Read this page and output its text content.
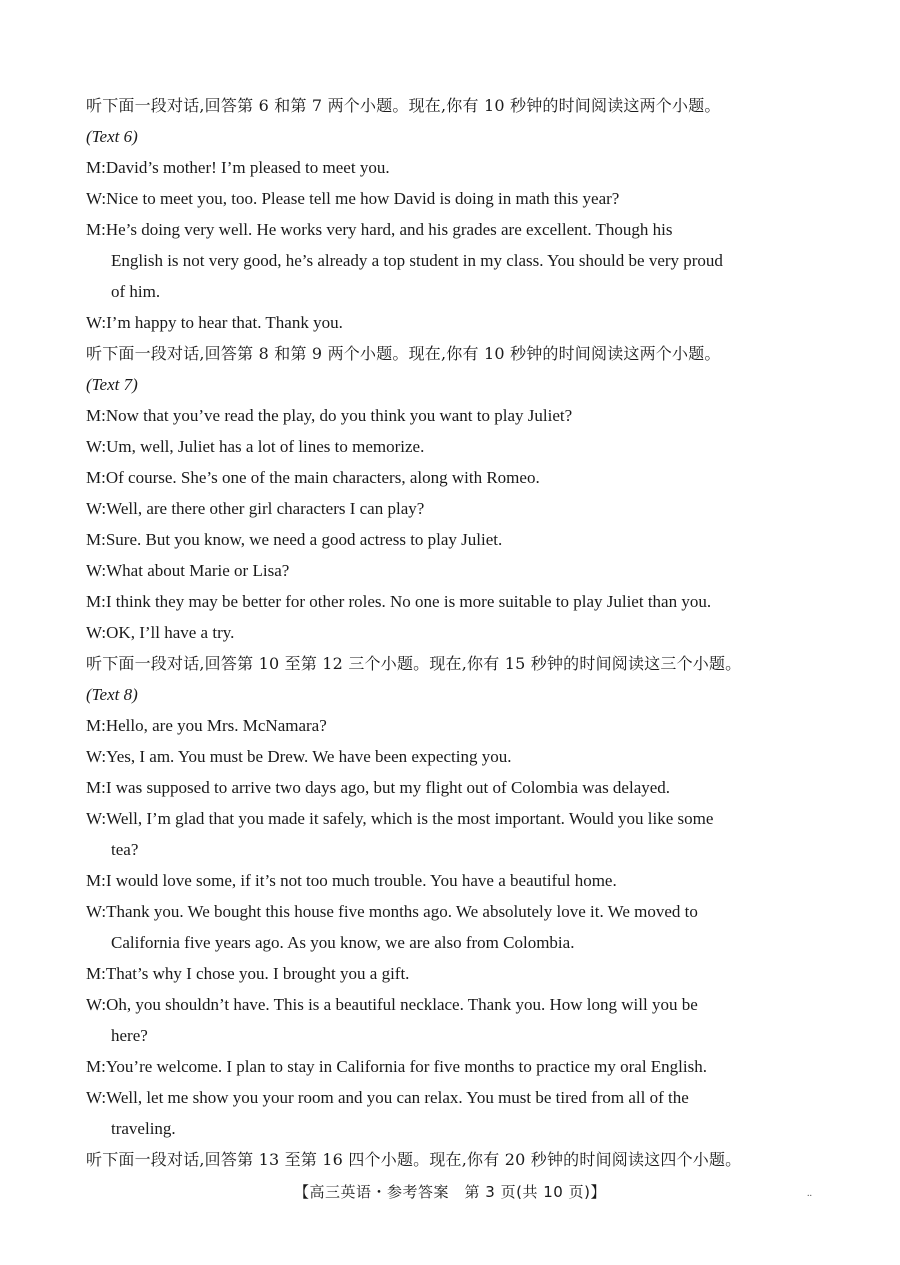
听下面一段对话,回答第 6 和第 7 两个小题。现在,你有 10 秒钟的时间阅读这两个小题。
(Text 6)
M:David’s mother! I’m pleased to meet you.
W:Nice to meet you, too. Please tell me how David is doing in math this year?
M:He’s doing very well. He works very hard, and his grades are excellent. Though his
English is not very good, he’s already a top student in my class. You should be very proud
of him.
W:I’m happy to hear that. Thank you.
听下面一段对话,回答第 8 和第 9 两个小题。现在,你有 10 秒钟的时间阅读这两个小题。
(Text 7)
M:Now that you’ve read the play, do you think you want to play Juliet?
W:Um, well, Juliet has a lot of lines to memorize.
M:Of course. She’s one of the main characters, along with Romeo.
W:Well, are there other girl characters I can play?
M:Sure. But you know, we need a good actress to play Juliet.
W:What about Marie or Lisa?
M:I think they may be better for other roles. No one is more suitable to play Juliet than you.
W:OK, I’ll have a try.
听下面一段对话,回答第 10 至第 12 三个小题。现在,你有 15 秒钟的时间阅读这三个小题。
(Text 8)
M:Hello, are you Mrs. McNamara?
W:Yes, I am. You must be Drew. We have been expecting you.
M:I was supposed to arrive two days ago, but my flight out of Colombia was delayed.
W:Well, I’m glad that you made it safely, which is the most important. Would you like some
tea?
M:I would love some, if it’s not too much trouble. You have a beautiful home.
W:Thank you. We bought this house five months ago. We absolutely love it. We moved to
California five years ago. As you know, we are also from Colombia.
M:That’s why I chose you. I brought you a gift.
W:Oh, you shouldn’t have. This is a beautiful necklace. Thank you. How long will you be
here?
M:You’re welcome. I plan to stay in California for five months to practice my oral English.
W:Well, let me show you your room and you can relax. You must be tired from all of the
traveling.
听下面一段对话,回答第 13 至第 16 四个小题。现在,你有 20 秒钟的时间阅读这四个小题。
【高三英语・参考答案　第 3 页(共 10 页)】	..
